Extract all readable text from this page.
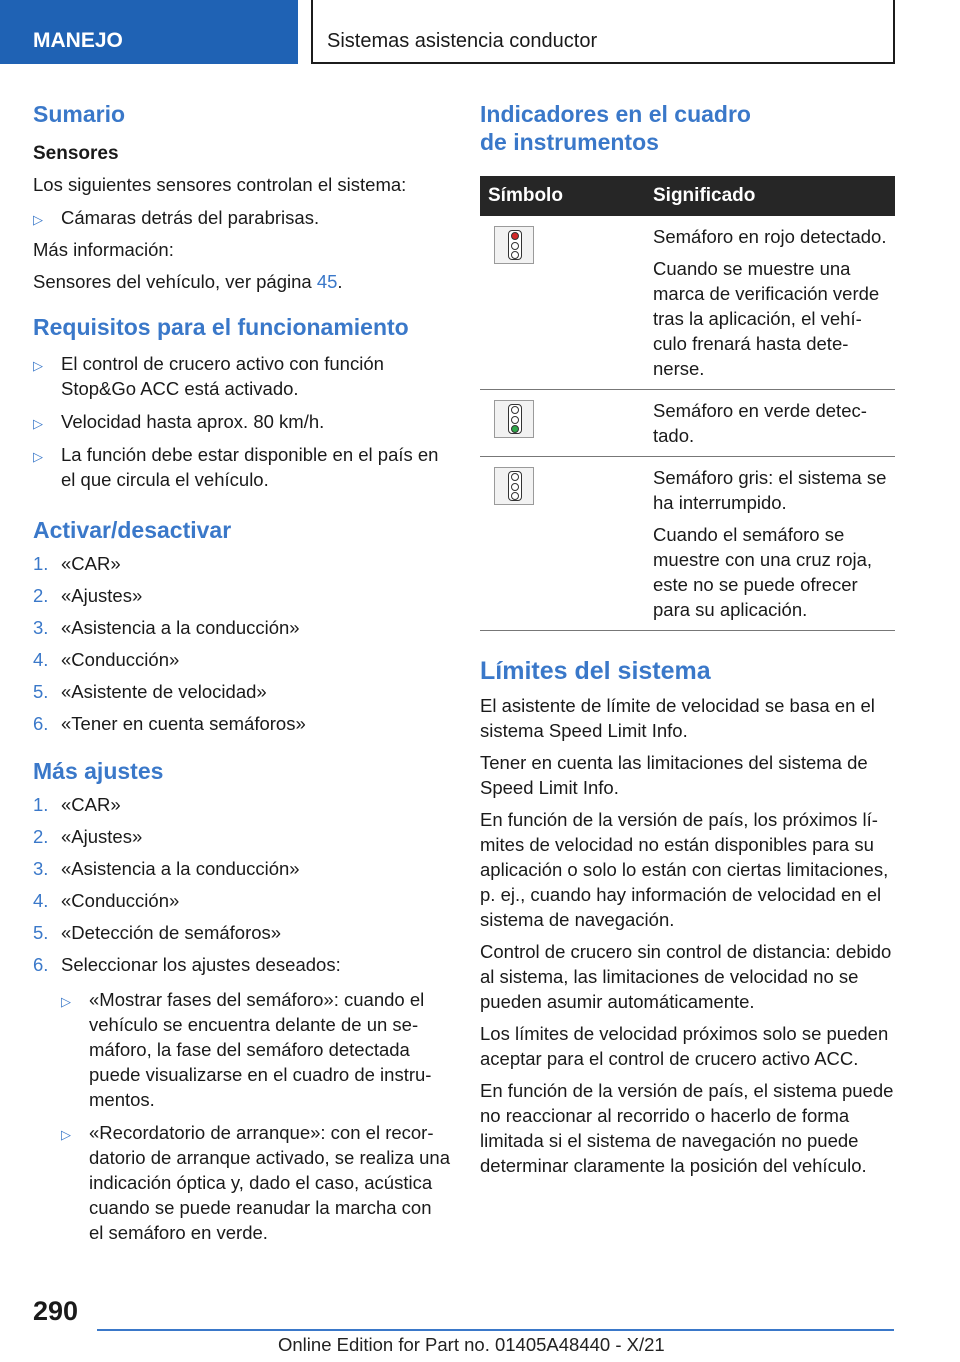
MANEJO	Sistemas asistencia conductor
Sumario
Sensores

Los siguientes sensores controlan el sistema:

▷ Cámaras detrás del parabrisas.

Más información:

Sensores del vehículo, ver página 45.

Requisitos para el funcionamiento
▷ El control de crucero activo con función Stop&Go ACC está activado.
▷ Velocidad hasta aprox. 80 km/h.
▷ La función debe estar disponible en el país en el que circula el vehículo.
Activar/desactivar
1. «CAR»
2. «Ajustes»
3. «Asistencia a la conducción»
4. «Conducción»
5. «Asistente de velocidad»
6. «Tener en cuenta semáforos»
Más ajustes
1. «CAR»
2. «Ajustes»
3. «Asistencia a la conducción»
4. «Conducción»
5. «Detección de semáforos»
6. Seleccionar los ajustes deseados:
▷ «Mostrar fases del semáforo»: cuando el vehículo se encuentra delante de un semáforo, la fase del semáforo detectada puede visualizarse en el cuadro de instrumentos.
▷ «Recordatorio de arranque»: con el recordatorio de arranque activado, se realiza una indicación óptica y, dado el caso, acústica cuando se puede reanudar la marcha con el semáforo en verde.
Indicadores en el cuadro
de instrumentos
Símbolo	Significado

	Semáforo en rojo detectado.

Cuando se muestre una marca de verificación verde tras la aplicación, el vehículo frenará hasta detenerse.

	Semáforo en verde detectado.

	Semáforo gris: el sistema se ha interrumpido.

Cuando el semáforo se muestre con una cruz roja, este no se puede ofrecer para su aplicación.

Límites del sistema

El asistente de límite de velocidad se basa en el sistema Speed Limit Info.

Tener en cuenta las limitaciones del sistema de Speed Limit Info.

En función de la versión de país, los próximos límites de velocidad no están disponibles para su aplicación o solo lo están con ciertas limitaciones, p. ej., cuando hay información de velocidad en el sistema de navegación.

Control de crucero sin control de distancia: debido al sistema, las limitaciones de velocidad no se pueden asumir automáticamente.

Los límites de velocidad próximos solo se pueden aceptar para el control de crucero activo ACC.

En función de la versión de país, el sistema puede no reaccionar al recorrido o hacerlo de forma limitada si el sistema de navegación no puede determinar claramente la posición del vehículo.

290
Online Edition for Part no. 01405A48440 - X/21
